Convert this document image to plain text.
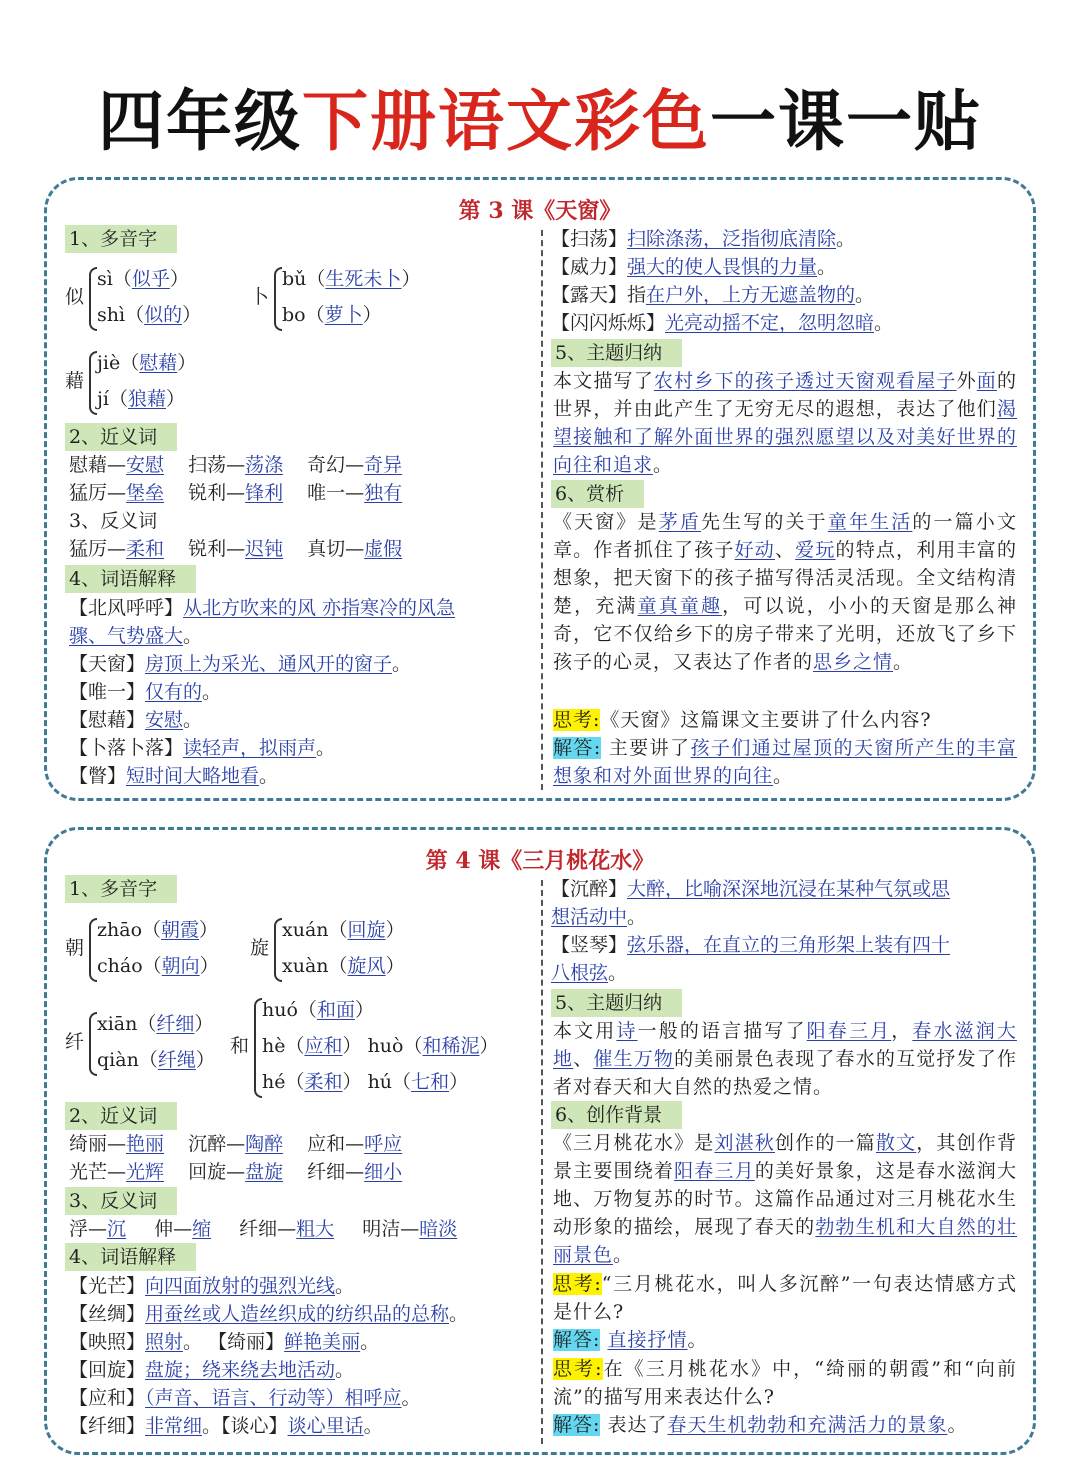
四年级下册语文彩色一课一贴
第 3 课《天窗》
1、多音字
似
sì（似乎）
shì（似的）
卜
bǔ（生死未卜）
bo（萝卜）
藉
jiè（慰藉）
jí（狼藉）
2、近义词
慰藉—安慰 扫荡—荡涤 奇幻—奇异
猛厉—堡垒 锐利—锋利 唯一—独有
3、反义词
猛厉—柔和 锐利—迟钝 真切—虚假
4、词语解释
【北风呼呼】从北方吹来的风 亦指寒冷的风急
骤、气势盛大。
【天窗】房顶上为采光、通风开的窗子。
【唯一】仅有的。
【慰藉】安慰。
【卜落卜落】读轻声，拟雨声。
【瞥】短时间大略地看。
【扫荡】扫除涤荡，泛指彻底清除。
【威力】强大的使人畏惧的力量。
【露天】指在户外，上方无遮盖物的。
【闪闪烁烁】光亮动摇不定，忽明忽暗。
5、主题归纳
本文描写了农村乡下的孩子透过天窗观看屋子外面的世界，并由此产生了无穷无尽的遐想，表达了他们渴望接触和了解外面世界的强烈愿望以及对美好世界的向往和追求。
6、赏析
《天窗》是茅盾先生写的关于童年生活的一篇小文章。作者抓住了孩子好动、爱玩的特点，利用丰富的想象，把天窗下的孩子描写得活灵活现。全文结构清楚，充满童真童趣，可以说，小小的天窗是那么神奇，它不仅给乡下的房子带来了光明，还放飞了乡下孩子的心灵，又表达了作者的思乡之情。
思考:《天窗》这篇课文主要讲了什么内容?
解答: 主要讲了孩子们通过屋顶的天窗所产生的丰富想象和对外面世界的向往。
第 4 课《三月桃花水》
1、多音字
朝
zhāo（朝霞）
cháo（朝向）
旋
xuán（回旋）
xuàn（旋风）
纤
xiān（纤细）
qiàn（纤绳）
和
huó（和面）
hè（应和） huò（和稀泥）
hé（柔和） hú（七和）
2、近义词
绮丽—艳丽 沉醉—陶醉 应和—呼应
光芒—光辉 回旋—盘旋 纤细—细小
3、反义词
浮—沉 伸—缩 纤细—粗大 明洁—暗淡
4、词语解释
【光芒】向四面放射的强烈光线。
【丝绸】用蚕丝或人造丝织成的纺织品的总称。
【映照】照射。 【绮丽】鲜艳美丽。
【回旋】盘旋；绕来绕去地活动。
【应和】（声音、语言、行动等）相呼应。
【纤细】非常细。【谈心】谈心里话。
【沉醉】大醉，比喻深深地沉浸在某种气氛或思
想活动中。
【竖琴】弦乐器，在直立的三角形架上装有四十
八根弦。
5、主题归纳
本文用诗一般的语言描写了阳春三月，春水滋润大地、催生万物的美丽景色表现了春水的互觉抒发了作者对春天和大自然的热爱之情。
6、创作背景
《三月桃花水》是刘湛秋创作的一篇散文，其创作背景主要围绕着阳春三月的美好景象，这是春水滋润大地、万物复苏的时节。这篇作品通过对三月桃花水生动形象的描绘，展现了春天的勃勃生机和大自然的壮丽景色。
思考:“三月桃花水，叫人多沉醉”一句表达情感方式是什么?
解答: 直接抒情。
思考:在《三月桃花水》中，“绮丽的朝霞”和“向前流”的描写用来表达什么?
解答: 表达了春天生机勃勃和充满活力的景象。
